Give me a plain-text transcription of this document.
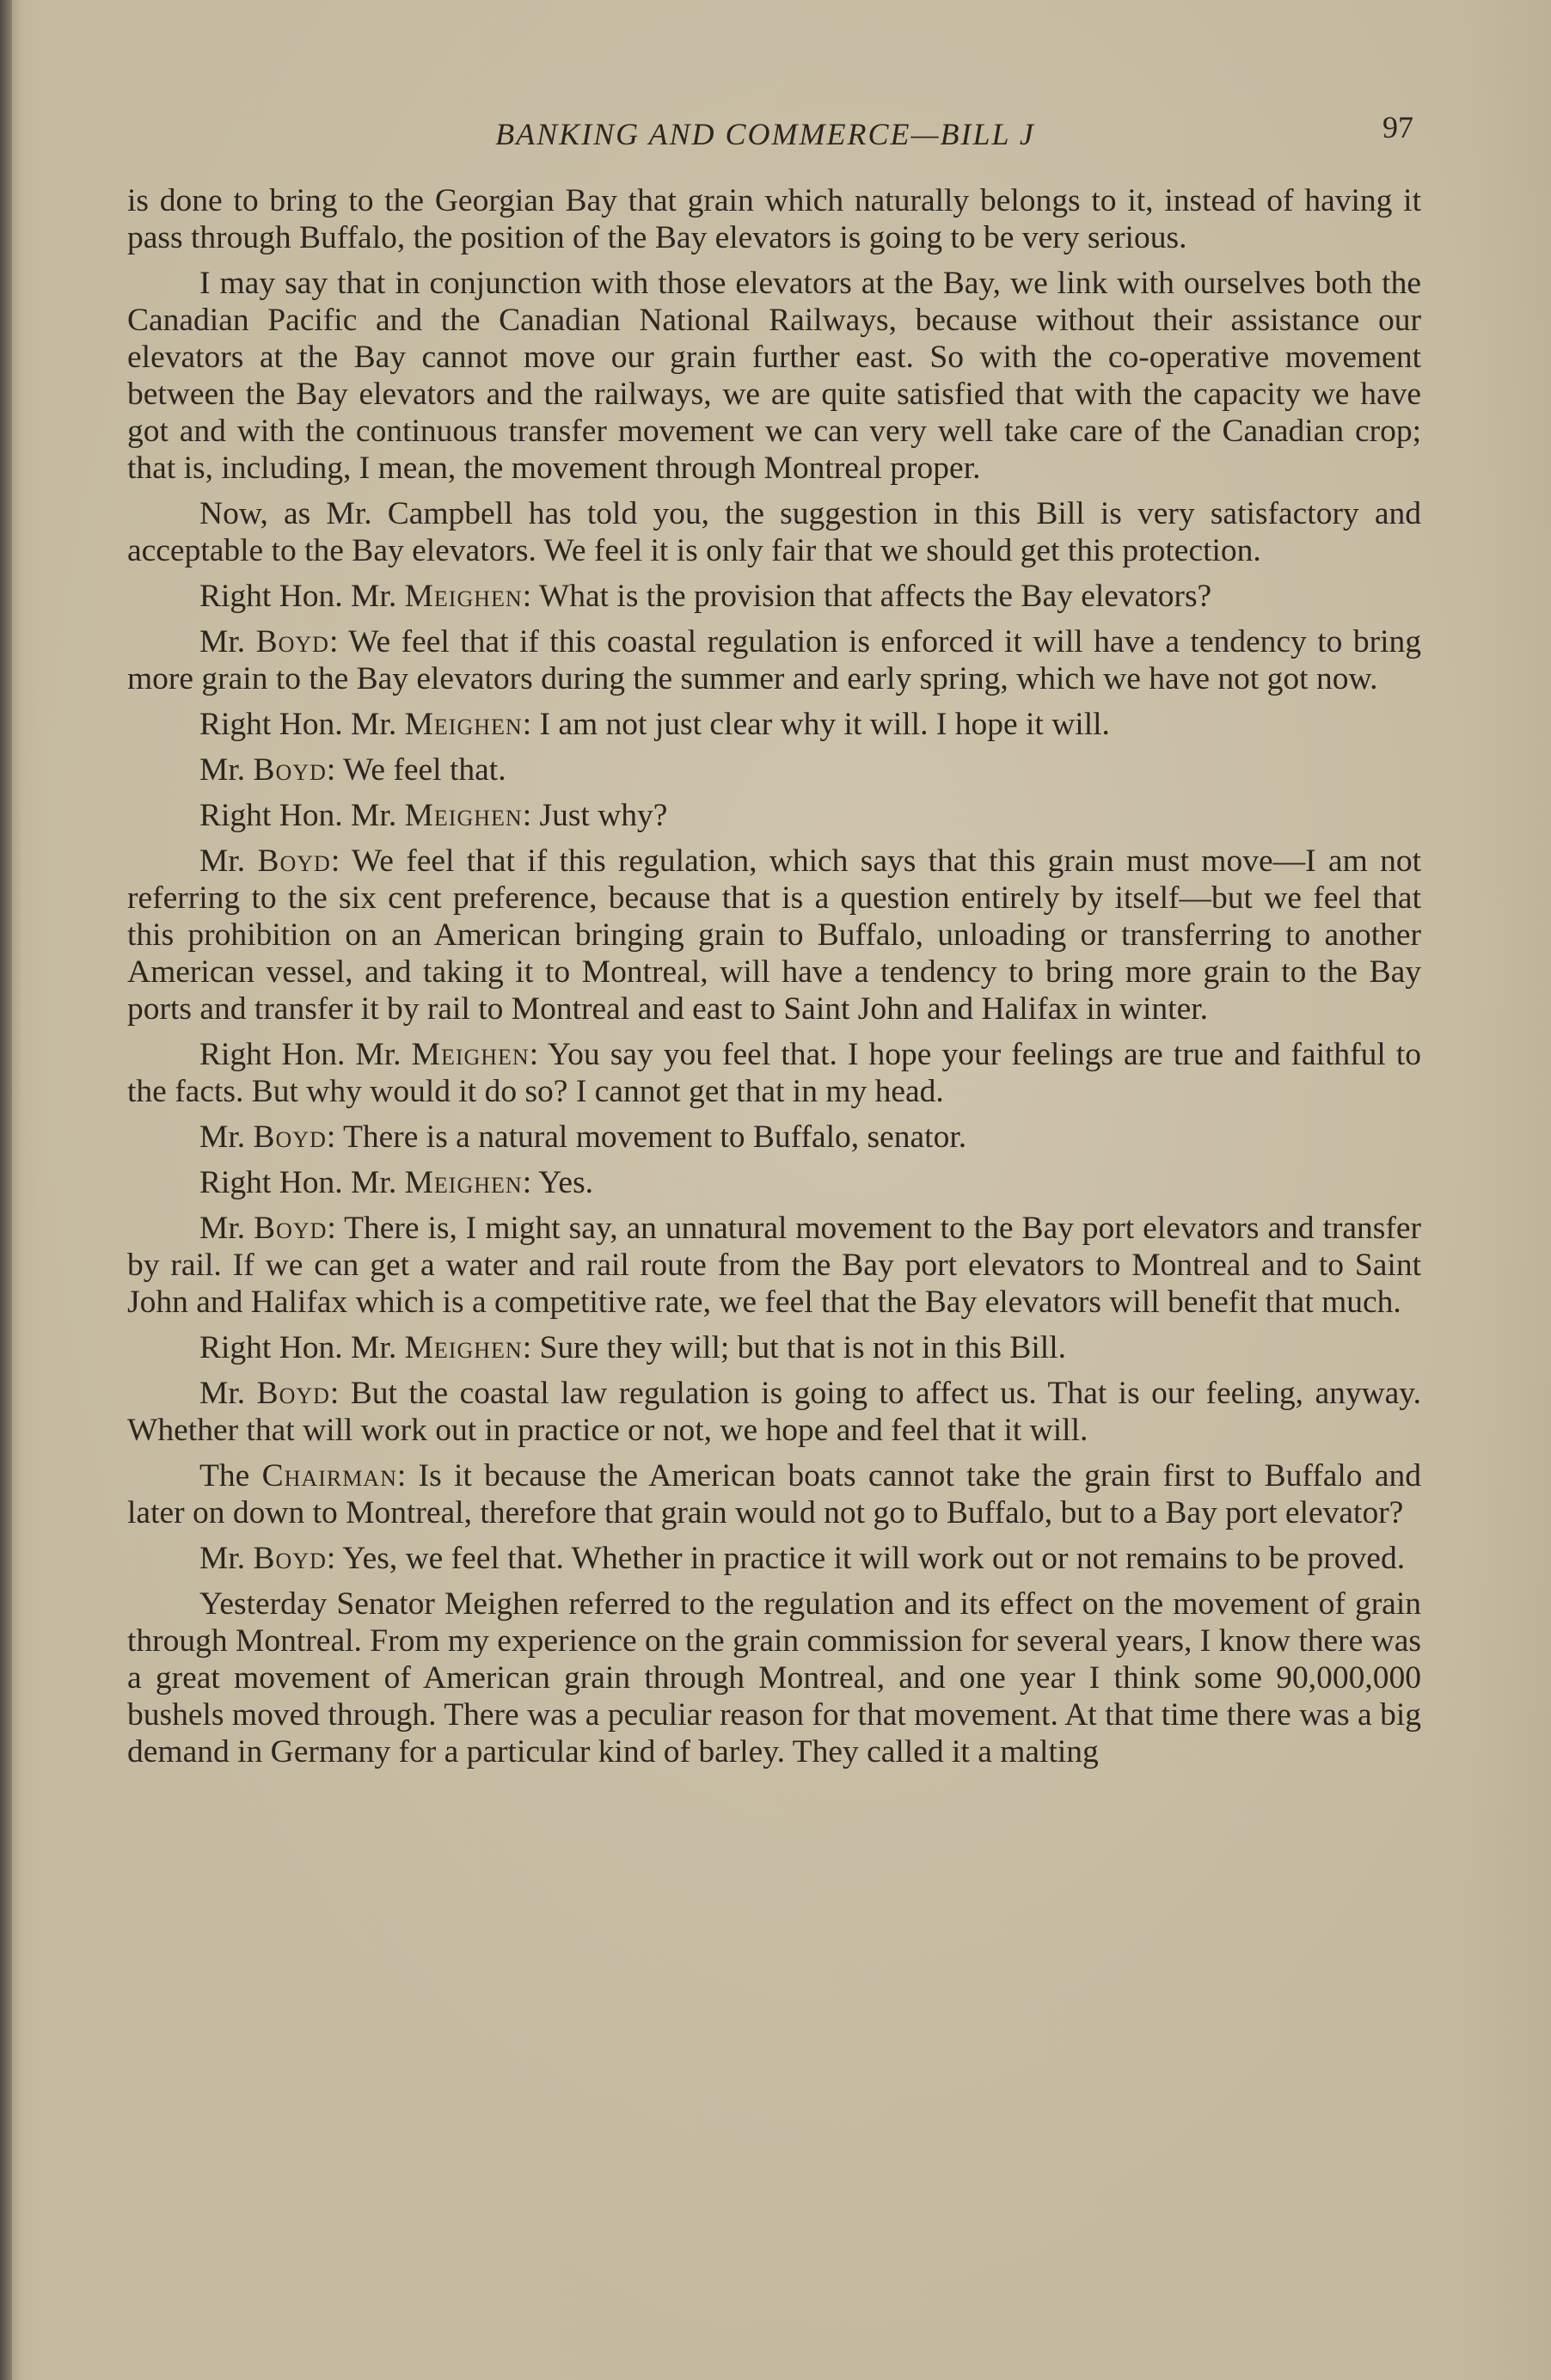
BANKING AND COMMERCE—BILL J	97

is done to bring to the Georgian Bay that grain which naturally belongs to it, instead of having it pass through Buffalo, the position of the Bay elevators is going to be very serious.

I may say that in conjunction with those elevators at the Bay, we link with ourselves both the Canadian Pacific and the Canadian National Railways, because without their assistance our elevators at the Bay cannot move our grain further east. So with the co-operative movement between the Bay elevators and the railways, we are quite satisfied that with the capacity we have got and with the continuous transfer movement we can very well take care of the Canadian crop; that is, including, I mean, the movement through Montreal proper.

Now, as Mr. Campbell has told you, the suggestion in this Bill is very satisfactory and acceptable to the Bay elevators. We feel it is only fair that we should get this protection.

Right Hon. Mr. Meighen: What is the provision that affects the Bay elevators?

Mr. Boyd: We feel that if this coastal regulation is enforced it will have a tendency to bring more grain to the Bay elevators during the summer and early spring, which we have not got now.

Right Hon. Mr. Meighen: I am not just clear why it will. I hope it will.

Mr. Boyd: We feel that.

Right Hon. Mr. Meighen: Just why?

Mr. Boyd: We feel that if this regulation, which says that this grain must move—I am not referring to the six cent preference, because that is a question entirely by itself—but we feel that this prohibition on an American bringing grain to Buffalo, unloading or transferring to another American vessel, and taking it to Montreal, will have a tendency to bring more grain to the Bay ports and transfer it by rail to Montreal and east to Saint John and Halifax in winter.

Right Hon. Mr. Meighen: You say you feel that. I hope your feelings are true and faithful to the facts. But why would it do so? I cannot get that in my head.

Mr. Boyd: There is a natural movement to Buffalo, senator.

Right Hon. Mr. Meighen: Yes.

Mr. Boyd: There is, I might say, an unnatural movement to the Bay port elevators and transfer by rail. If we can get a water and rail route from the Bay port elevators to Montreal and to Saint John and Halifax which is a competitive rate, we feel that the Bay elevators will benefit that much.

Right Hon. Mr. Meighen: Sure they will; but that is not in this Bill.

Mr. Boyd: But the coastal law regulation is going to affect us. That is our feeling, anyway. Whether that will work out in practice or not, we hope and feel that it will.

The Chairman: Is it because the American boats cannot take the grain first to Buffalo and later on down to Montreal, therefore that grain would not go to Buffalo, but to a Bay port elevator?

Mr. Boyd: Yes, we feel that. Whether in practice it will work out or not remains to be proved.

Yesterday Senator Meighen referred to the regulation and its effect on the movement of grain through Montreal. From my experience on the grain commission for several years, I know there was a great movement of American grain through Montreal, and one year I think some 90,000,000 bushels moved through. There was a peculiar reason for that movement. At that time there was a big demand in Germany for a particular kind of barley. They called it a malting
